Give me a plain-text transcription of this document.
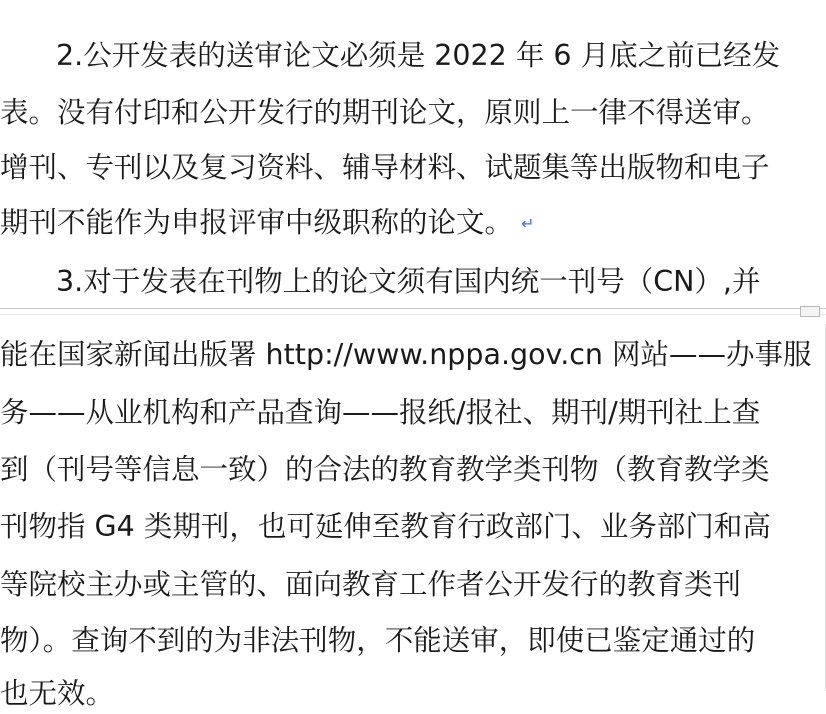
2.公开发表的送审论文必须是 2022 年 6 月底之前已经发
表。没有付印和公开发行的期刊论文，原则上一律不得送审。
增刊、专刊以及复习资料、辅导材料、试题集等出版物和电子
期刊不能作为申报评审中级职称的论文。 ↵
3.对于发表在刊物上的论文须有国内统一刊号（CN）,并
能在国家新闻出版署 http://www.nppa.gov.cn 网站——办事服
务——从业机构和产品查询——报纸/报社、期刊/期刊社上查
到（刊号等信息一致）的合法的教育教学类刊物（教育教学类
刊物指 G4 类期刊，也可延伸至教育行政部门、业务部门和高
等院校主办或主管的、面向教育工作者公开发行的教育类刊
物）。查询不到的为非法刊物，不能送审，即使已鉴定通过的
也无效。
